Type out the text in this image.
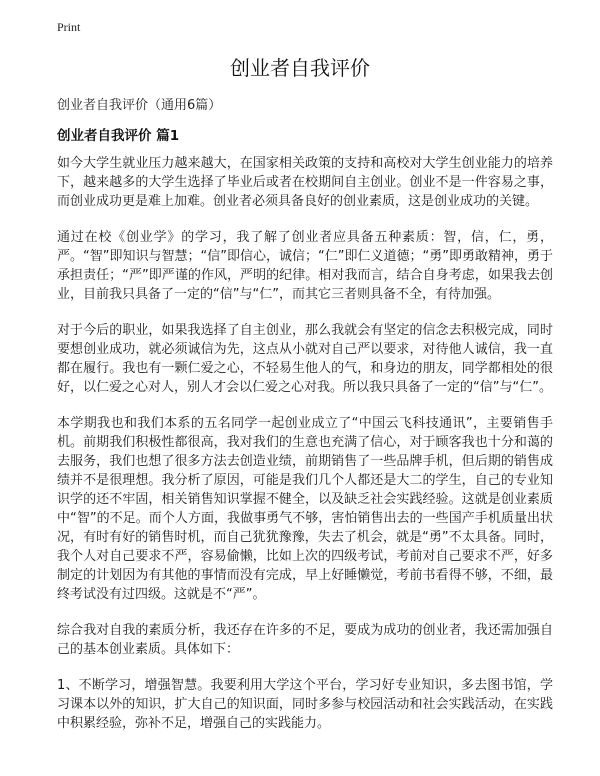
Print
创业者自我评价
创业者自我评价（通用6篇）
创业者自我评价 篇1

如今大学生就业压力越来越大，在国家相关政策的支持和高校对大学生创业能力的培养下，越来越多的大学生选择了毕业后或者在校期间自主创业。创业不是一件容易之事，而创业成功更是难上加难。创业者必须具备良好的创业素质，这是创业成功的关键。

通过在校《创业学》的学习，我了解了创业者应具备五种素质：智，信，仁，勇，严。“智”即知识与智慧；“信”即信心，诚信；“仁”即仁义道德；“勇”即勇敢精神，勇于承担责任；“严”即严谨的作风，严明的纪律。相对我而言，结合自身考虑，如果我去创业，目前我只具备了一定的“信”与“仁”，而其它三者则具备不全，有待加强。

对于今后的职业，如果我选择了自主创业，那么我就会有坚定的信念去积极完成，同时要想创业成功，就必须诚信为先，这点从小就对自己严以要求，对待他人诚信，我一直都在履行。我也有一颗仁爱之心，不轻易生他人的气，和身边的朋友，同学都相处的很好，以仁爱之心对人，别人才会以仁爱之心对我。所以我只具备了一定的“信”与“仁”。

本学期我也和我们本系的五名同学一起创业成立了“中国云飞科技通讯”，主要销售手机。前期我们积极性都很高，我对我们的生意也充满了信心，对于顾客我也十分和蔼的去服务，我们也想了很多方法去创造业绩，前期销售了一些品牌手机，但后期的销售成绩并不是很理想。我分析了原因，可能是我们几个人都还是大二的学生，自己的专业知识学的还不牢固，相关销售知识掌握不健全，以及缺乏社会实践经验。这就是创业素质中“智”的不足。而个人方面，我做事勇气不够，害怕销售出去的一些国产手机质量出状况，有时有好的销售时机，而自己犹犹豫豫，失去了机会，就是“勇”不太具备。同时，我个人对自己要求不严，容易偷懒，比如上次的四级考试，考前对自己要求不严，好多制定的计划因为有其他的事情而没有完成，早上好睡懒觉，考前书看得不够，不细，最终考试没有过四级。这就是不“严”。

综合我对自我的素质分析，我还存在许多的不足，要成为成功的创业者，我还需加强自己的基本创业素质。具体如下：

1、不断学习，增强智慧。我要利用大学这个平台，学习好专业知识，多去图书馆，学习课本以外的知识，扩大自己的知识面，同时多参与校园活动和社会实践活动，在实践中积累经验，弥补不足，增强自己的实践能力。
